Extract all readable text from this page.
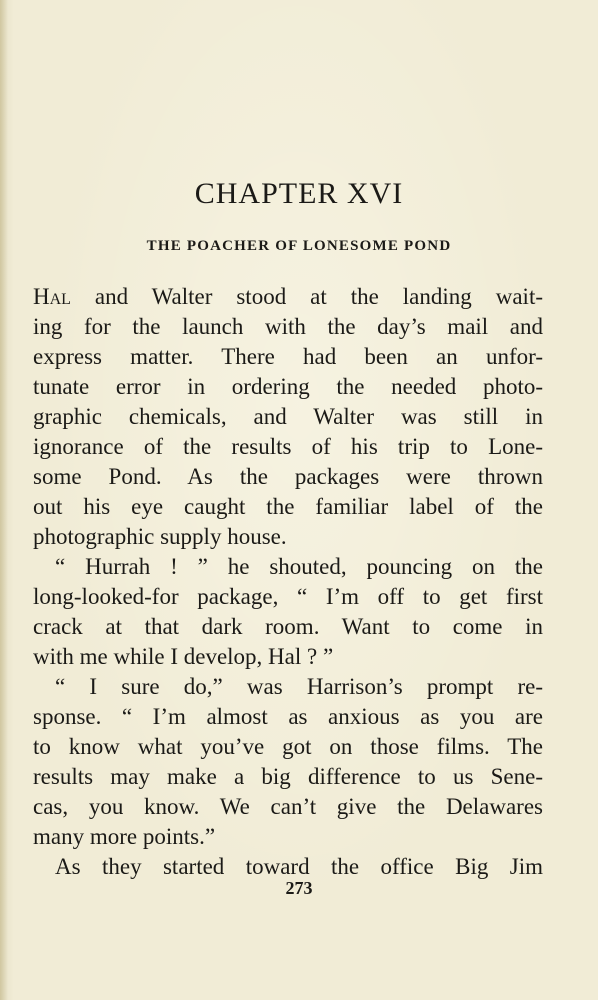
CHAPTER XVI
THE POACHER OF LONESOME POND
Hal and Walter stood at the landing wait-
ing for the launch with the day’s mail and
express matter. There had been an unfor-
tunate error in ordering the needed photo-
graphic chemicals, and Walter was still in
ignorance of the results of his trip to Lone-
some Pond. As the packages were thrown
out his eye caught the familiar label of the
photographic supply house.
“ Hurrah ! ” he shouted, pouncing on the
long-looked-for package, “ I’m off to get first
crack at that dark room. Want to come in
with me while I develop, Hal ? ”
“ I sure do,” was Harrison’s prompt re-
sponse. “ I’m almost as anxious as you are
to know what you’ve got on those films. The
results may make a big difference to us Sene-
cas, you know. We can’t give the Delawares
many more points.”
As they started toward the office Big Jim
273
